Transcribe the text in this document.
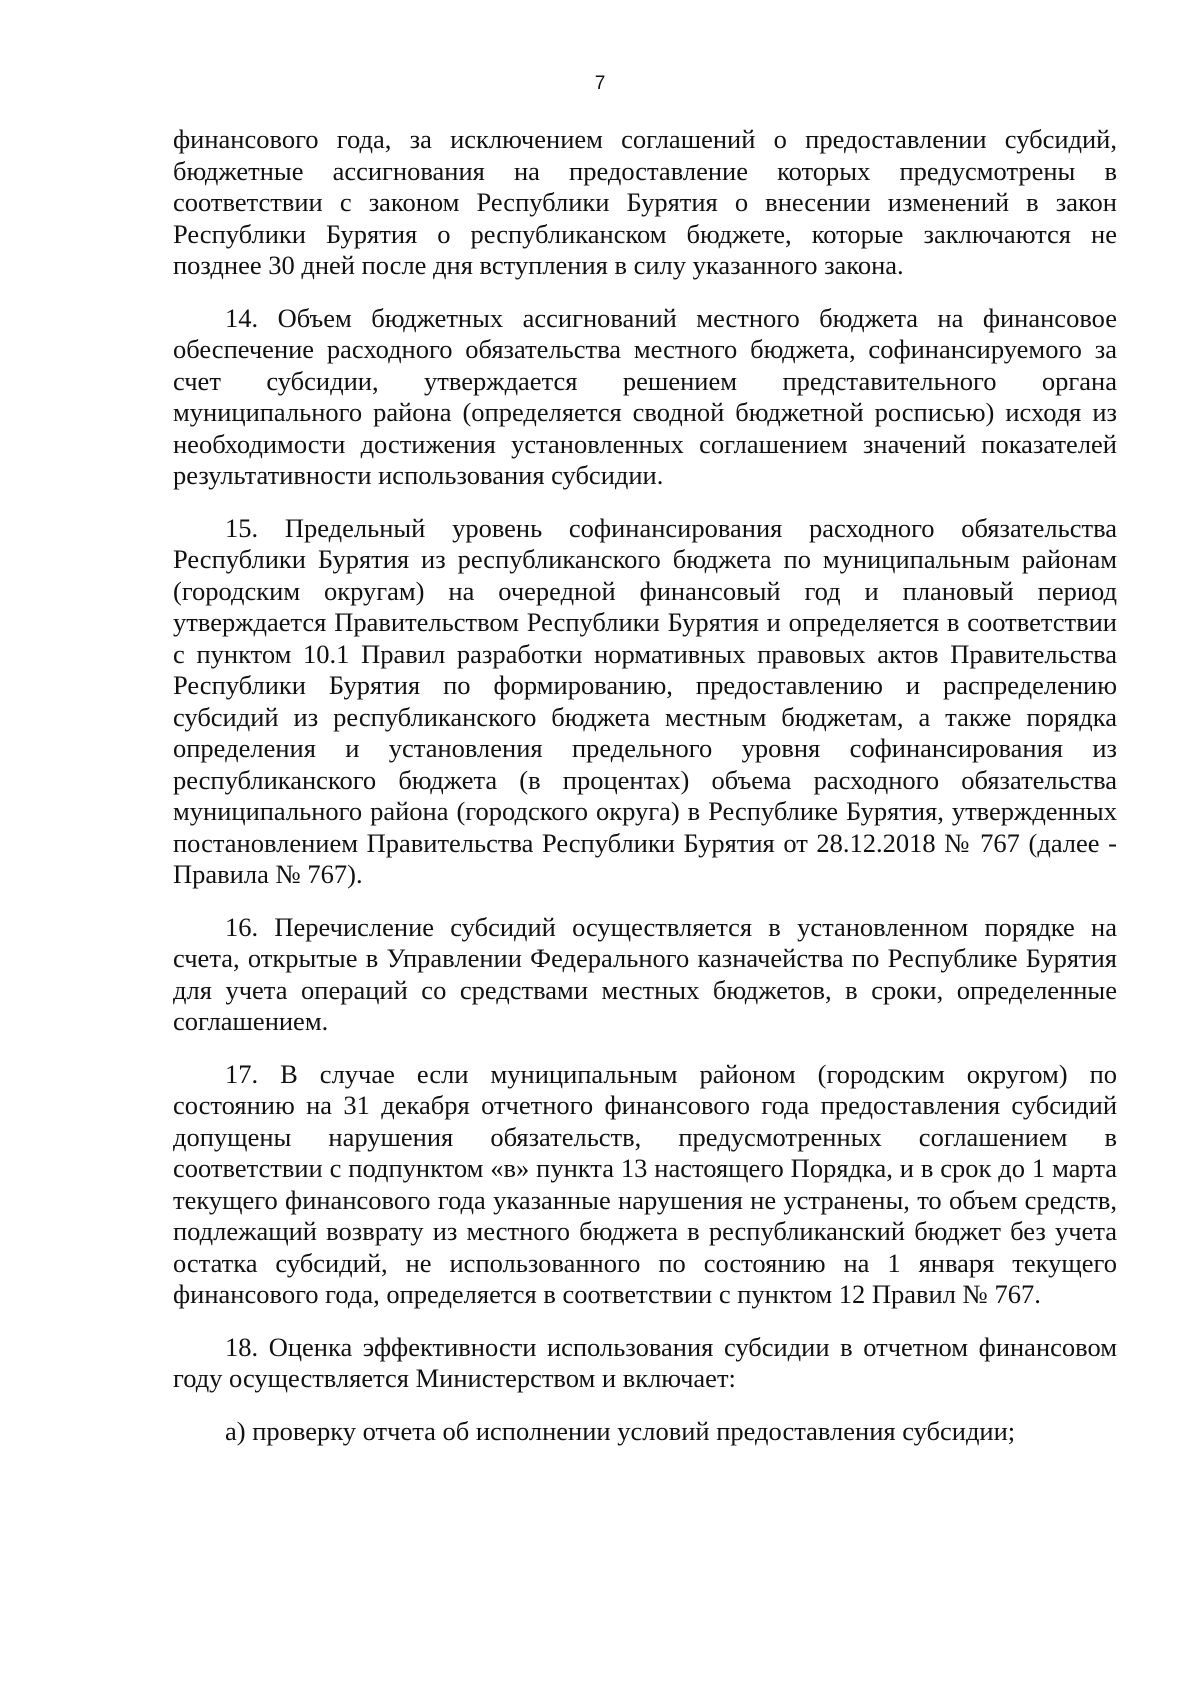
7

финансового года, за исключением соглашений о предоставлении субсидий, бюджетные ассигнования на предоставление которых предусмотрены в соответствии с законом Республики Бурятия о внесении изменений в закон Республики Бурятия о республиканском бюджете, которые заключаются не позднее 30 дней после дня вступления в силу указанного закона.

14. Объем бюджетных ассигнований местного бюджета на финансовое обеспечение расходного обязательства местного бюджета, софинансируемого за счет субсидии, утверждается решением представительного органа муниципального района (определяется сводной бюджетной росписью) исходя из необходимости достижения установленных соглашением значений показателей результативности использования субсидии.

15. Предельный уровень софинансирования расходного обязательства Республики Бурятия из республиканского бюджета по муниципальным районам (городским округам) на очередной финансовый год и плановый период утверждается Правительством Республики Бурятия и определяется в соответствии с пунктом 10.1 Правил разработки нормативных правовых актов Правительства Республики Бурятия по формированию, предоставлению и распределению субсидий из республиканского бюджета местным бюджетам, а также порядка определения и установления предельного уровня софинансирования из республиканского бюджета (в процентах) объема расходного обязательства муниципального района (городского округа) в Республике Бурятия, утвержденных постановлением Правительства Республики Бурятия от 28.12.2018 № 767 (далее - Правила № 767).

16. Перечисление субсидий осуществляется в установленном порядке на счета, открытые в Управлении Федерального казначейства по Республике Бурятия для учета операций со средствами местных бюджетов, в сроки, определенные соглашением.

17. В случае если муниципальным районом (городским округом) по состоянию на 31 декабря отчетного финансового года предоставления субсидий допущены нарушения обязательств, предусмотренных соглашением в соответствии с подпунктом «в» пункта 13 настоящего Порядка, и в срок до 1 марта текущего финансового года указанные нарушения не устранены, то объем средств, подлежащий возврату из местного бюджета в республиканский бюджет без учета остатка субсидий, не использованного по состоянию на 1 января текущего финансового года, определяется в соответствии с пунктом 12 Правил № 767.

18. Оценка эффективности использования субсидии в отчетном финансовом году осуществляется Министерством и включает:

а) проверку отчета об исполнении условий предоставления субсидии;
